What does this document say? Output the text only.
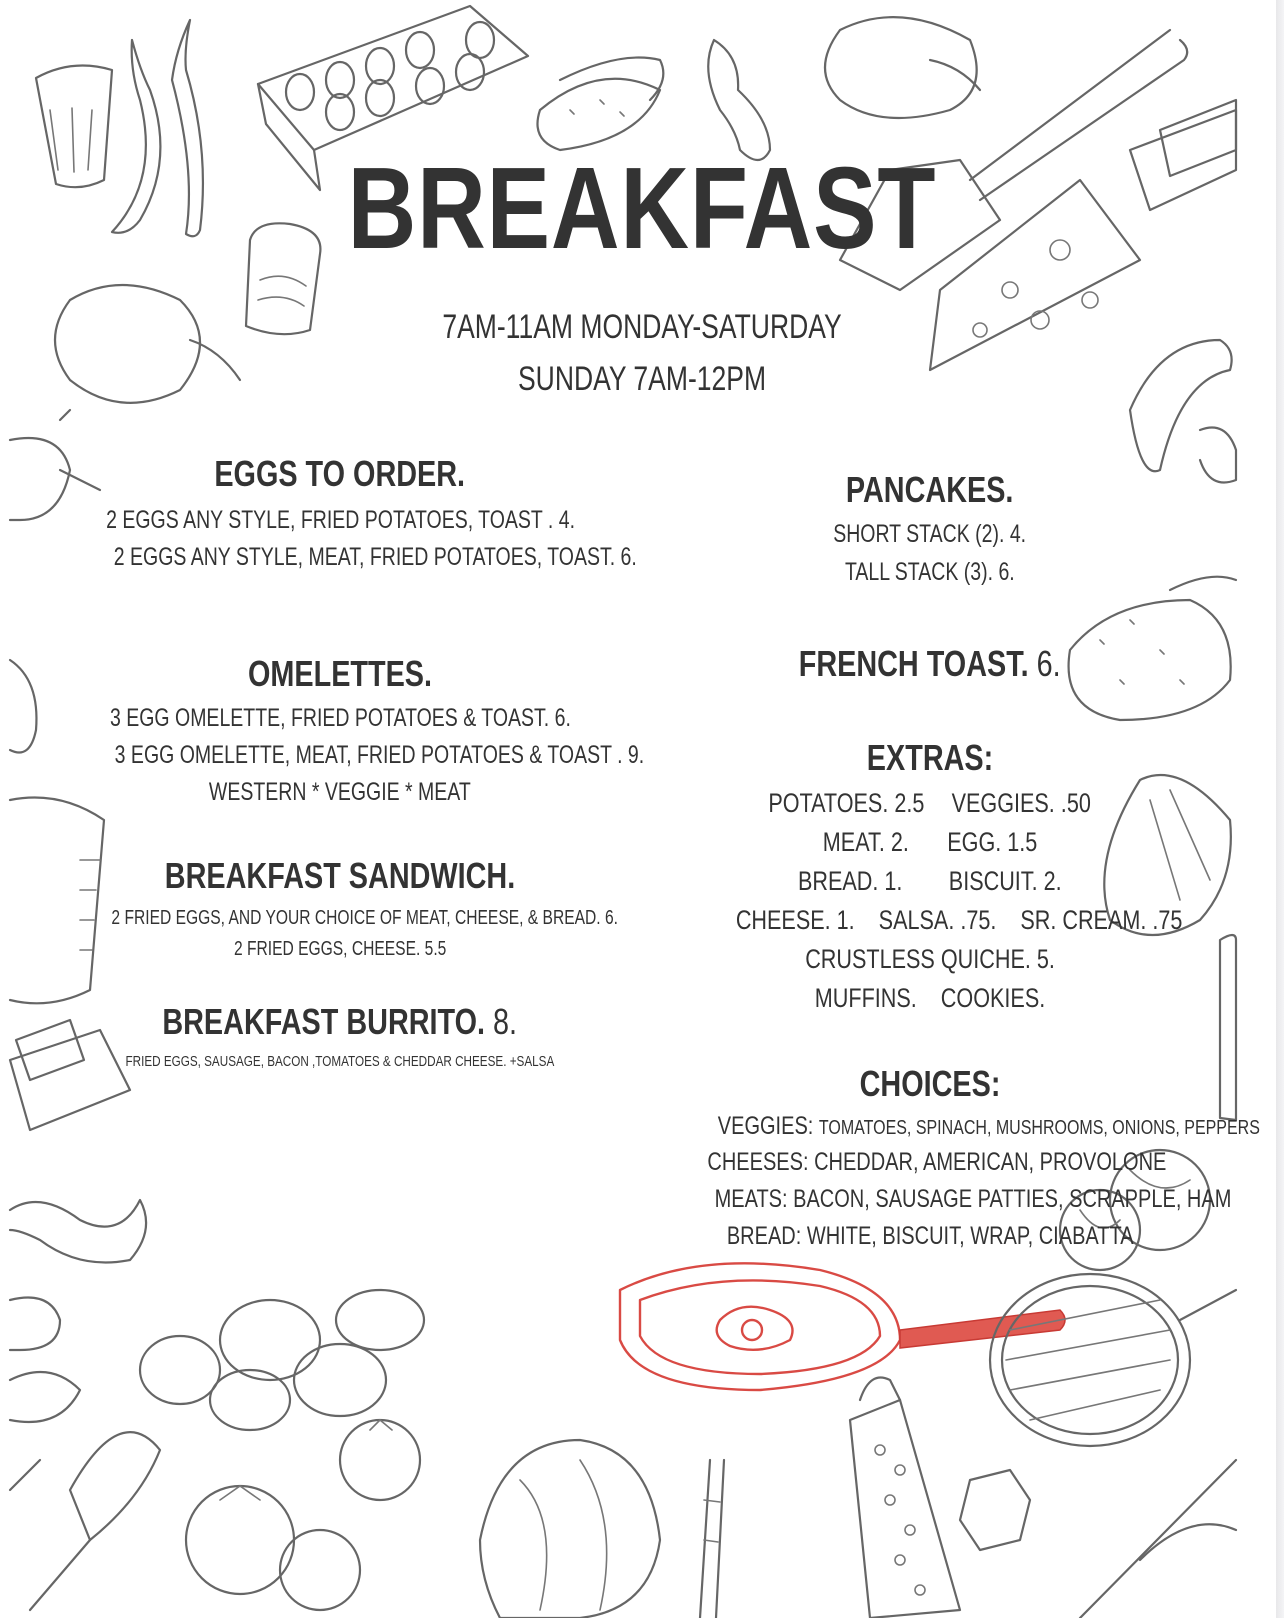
BREAKFAST
7AM-11AM MONDAY-SATURDAY
SUNDAY 7AM-12PM
EGGS TO ORDER.
2 EGGS ANY STYLE, FRIED POTATOES, TOAST . 4.
2 EGGS ANY STYLE, MEAT, FRIED POTATOES, TOAST. 6.
OMELETTES.
3 EGG OMELETTE, FRIED POTATOES & TOAST. 6.
3 EGG OMELETTE, MEAT, FRIED POTATOES & TOAST . 9.
WESTERN * VEGGIE * MEAT
BREAKFAST SANDWICH.
2 FRIED EGGS, AND YOUR CHOICE OF MEAT, CHEESE, & BREAD. 6.
2 FRIED EGGS, CHEESE. 5.5
BREAKFAST BURRITO. 8.
FRIED EGGS, SAUSAGE, BACON ,TOMATOES & CHEDDAR CHEESE. +SALSA
PANCAKES.
SHORT STACK (2). 4.
TALL STACK (3). 6.
FRENCH TOAST. 6.
EXTRAS:
POTATOES. 2.5 VEGGIES. .50
MEAT. 2. EGG. 1.5
BREAD. 1. BISCUIT. 2.
CHEESE. 1. SALSA. .75. SR. CREAM. .75
CRUSTLESS QUICHE. 5.
MUFFINS. COOKIES.
CHOICES:
VEGGIES: TOMATOES, SPINACH, MUSHROOMS, ONIONS, PEPPERS
CHEESES: CHEDDAR, AMERICAN, PROVOLONE
MEATS: BACON, SAUSAGE PATTIES, SCRAPPLE, HAM
BREAD: WHITE, BISCUIT, WRAP, CIABATTA
